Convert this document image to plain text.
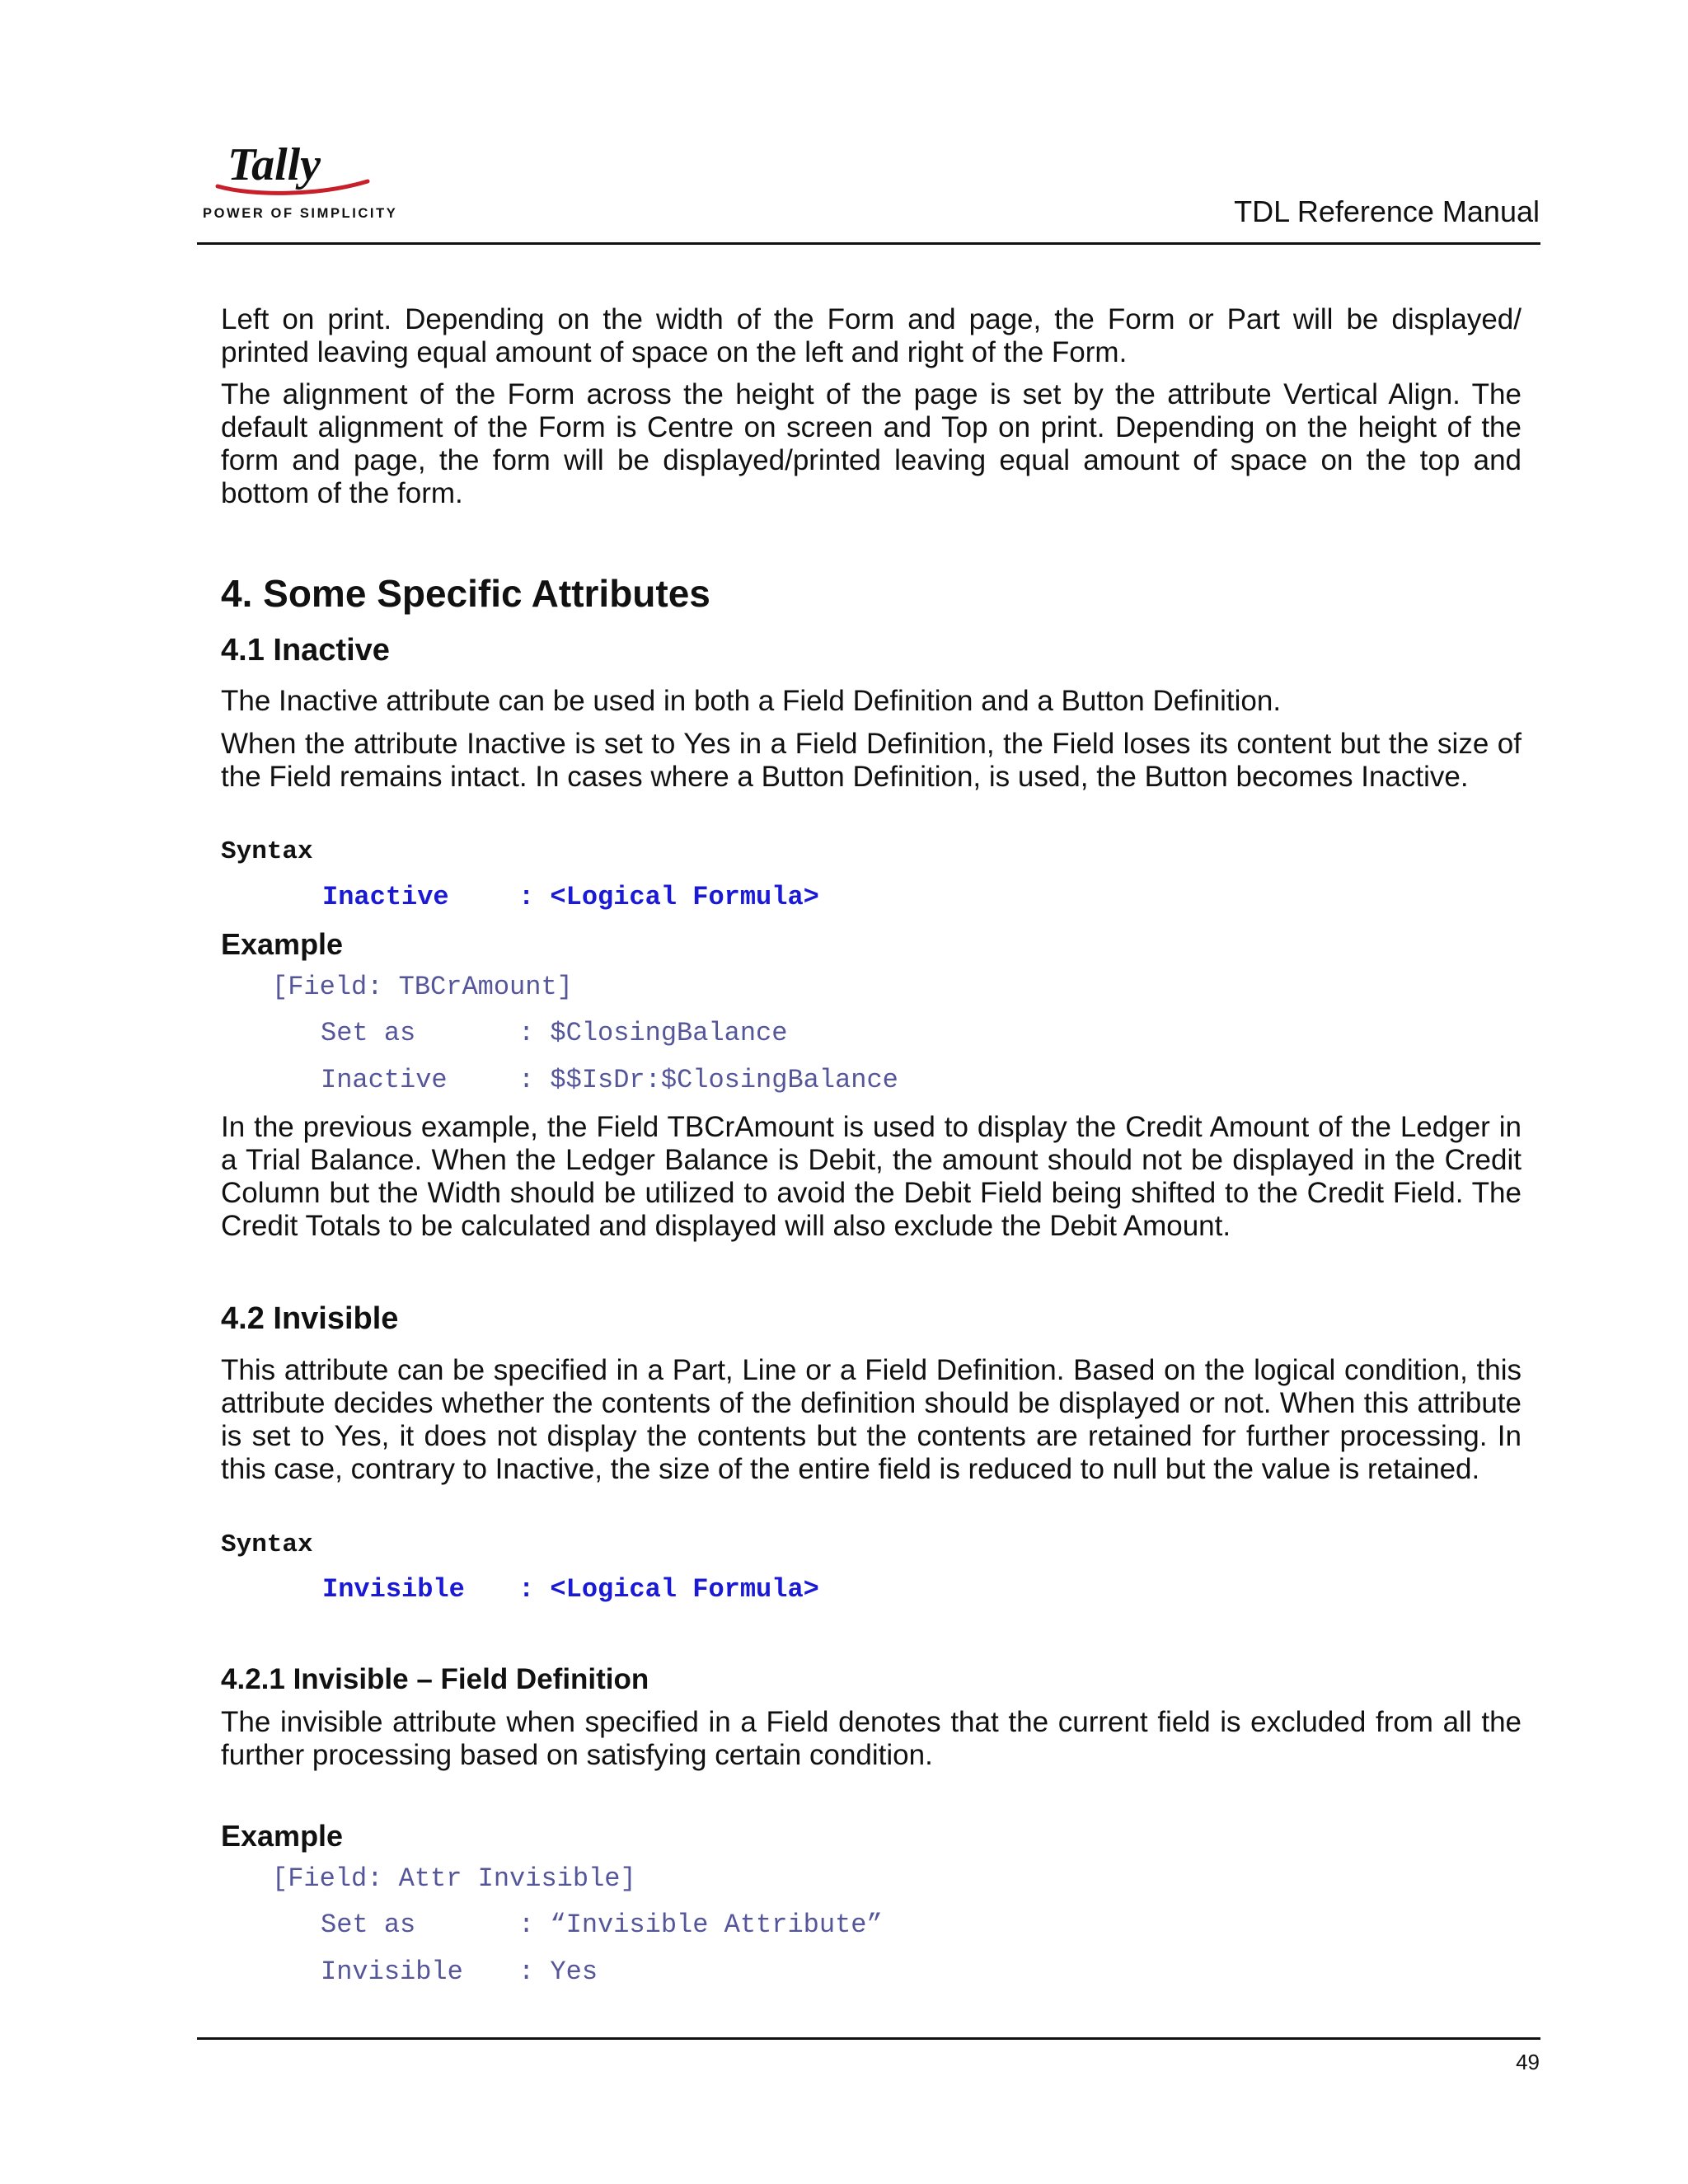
Tally
POWER OF SIMPLICITY	TDL Reference Manual

Left on print. Depending on the width of the Form and page, the Form or Part will be displayed/ printed leaving equal amount of space on the left and right of the Form.

The alignment of the Form across the height of the page is set by the attribute Vertical Align. The default alignment of the Form is Centre on screen and Top on print. Depending on the height of the form and page, the form will be displayed/printed leaving equal amount of space on the top and bottom of the form.

4. Some Specific Attributes
4.1 Inactive

The Inactive attribute can be used in both a Field Definition and a Button Definition.

When the attribute Inactive is set to Yes in a Field Definition, the Field loses its content but the size of the Field remains intact. In cases where a Button Definition, is used, the Button becomes Inactive.

Syntax
Inactive	: <Logical Formula>
Example
[Field: TBCrAmount]
Set as	: $ClosingBalance
Inactive	: $$IsDr:$ClosingBalance

In the previous example, the Field TBCrAmount is used to display the Credit Amount of the Ledger in a Trial Balance. When the Ledger Balance is Debit, the amount should not be displayed in the Credit Column but the Width should be utilized to avoid the Debit Field being shifted to the Credit Field. The Credit Totals to be calculated and displayed will also exclude the Debit Amount.

4.2 Invisible

This attribute can be specified in a Part, Line or a Field Definition. Based on the logical condition, this attribute decides whether the contents of the definition should be displayed or not. When this attribute is set to Yes, it does not display the contents but the contents are retained for further processing. In this case, contrary to Inactive, the size of the entire field is reduced to null but the value is retained.

Syntax
Invisible : <Logical Formula>
4.2.1 Invisible – Field Definition

The invisible attribute when specified in a Field denotes that the current field is excluded from all the further processing based on satisfying certain condition.

Example
[Field: Attr Invisible]
Set as	: “Invisible Attribute”
Invisible : Yes
49
